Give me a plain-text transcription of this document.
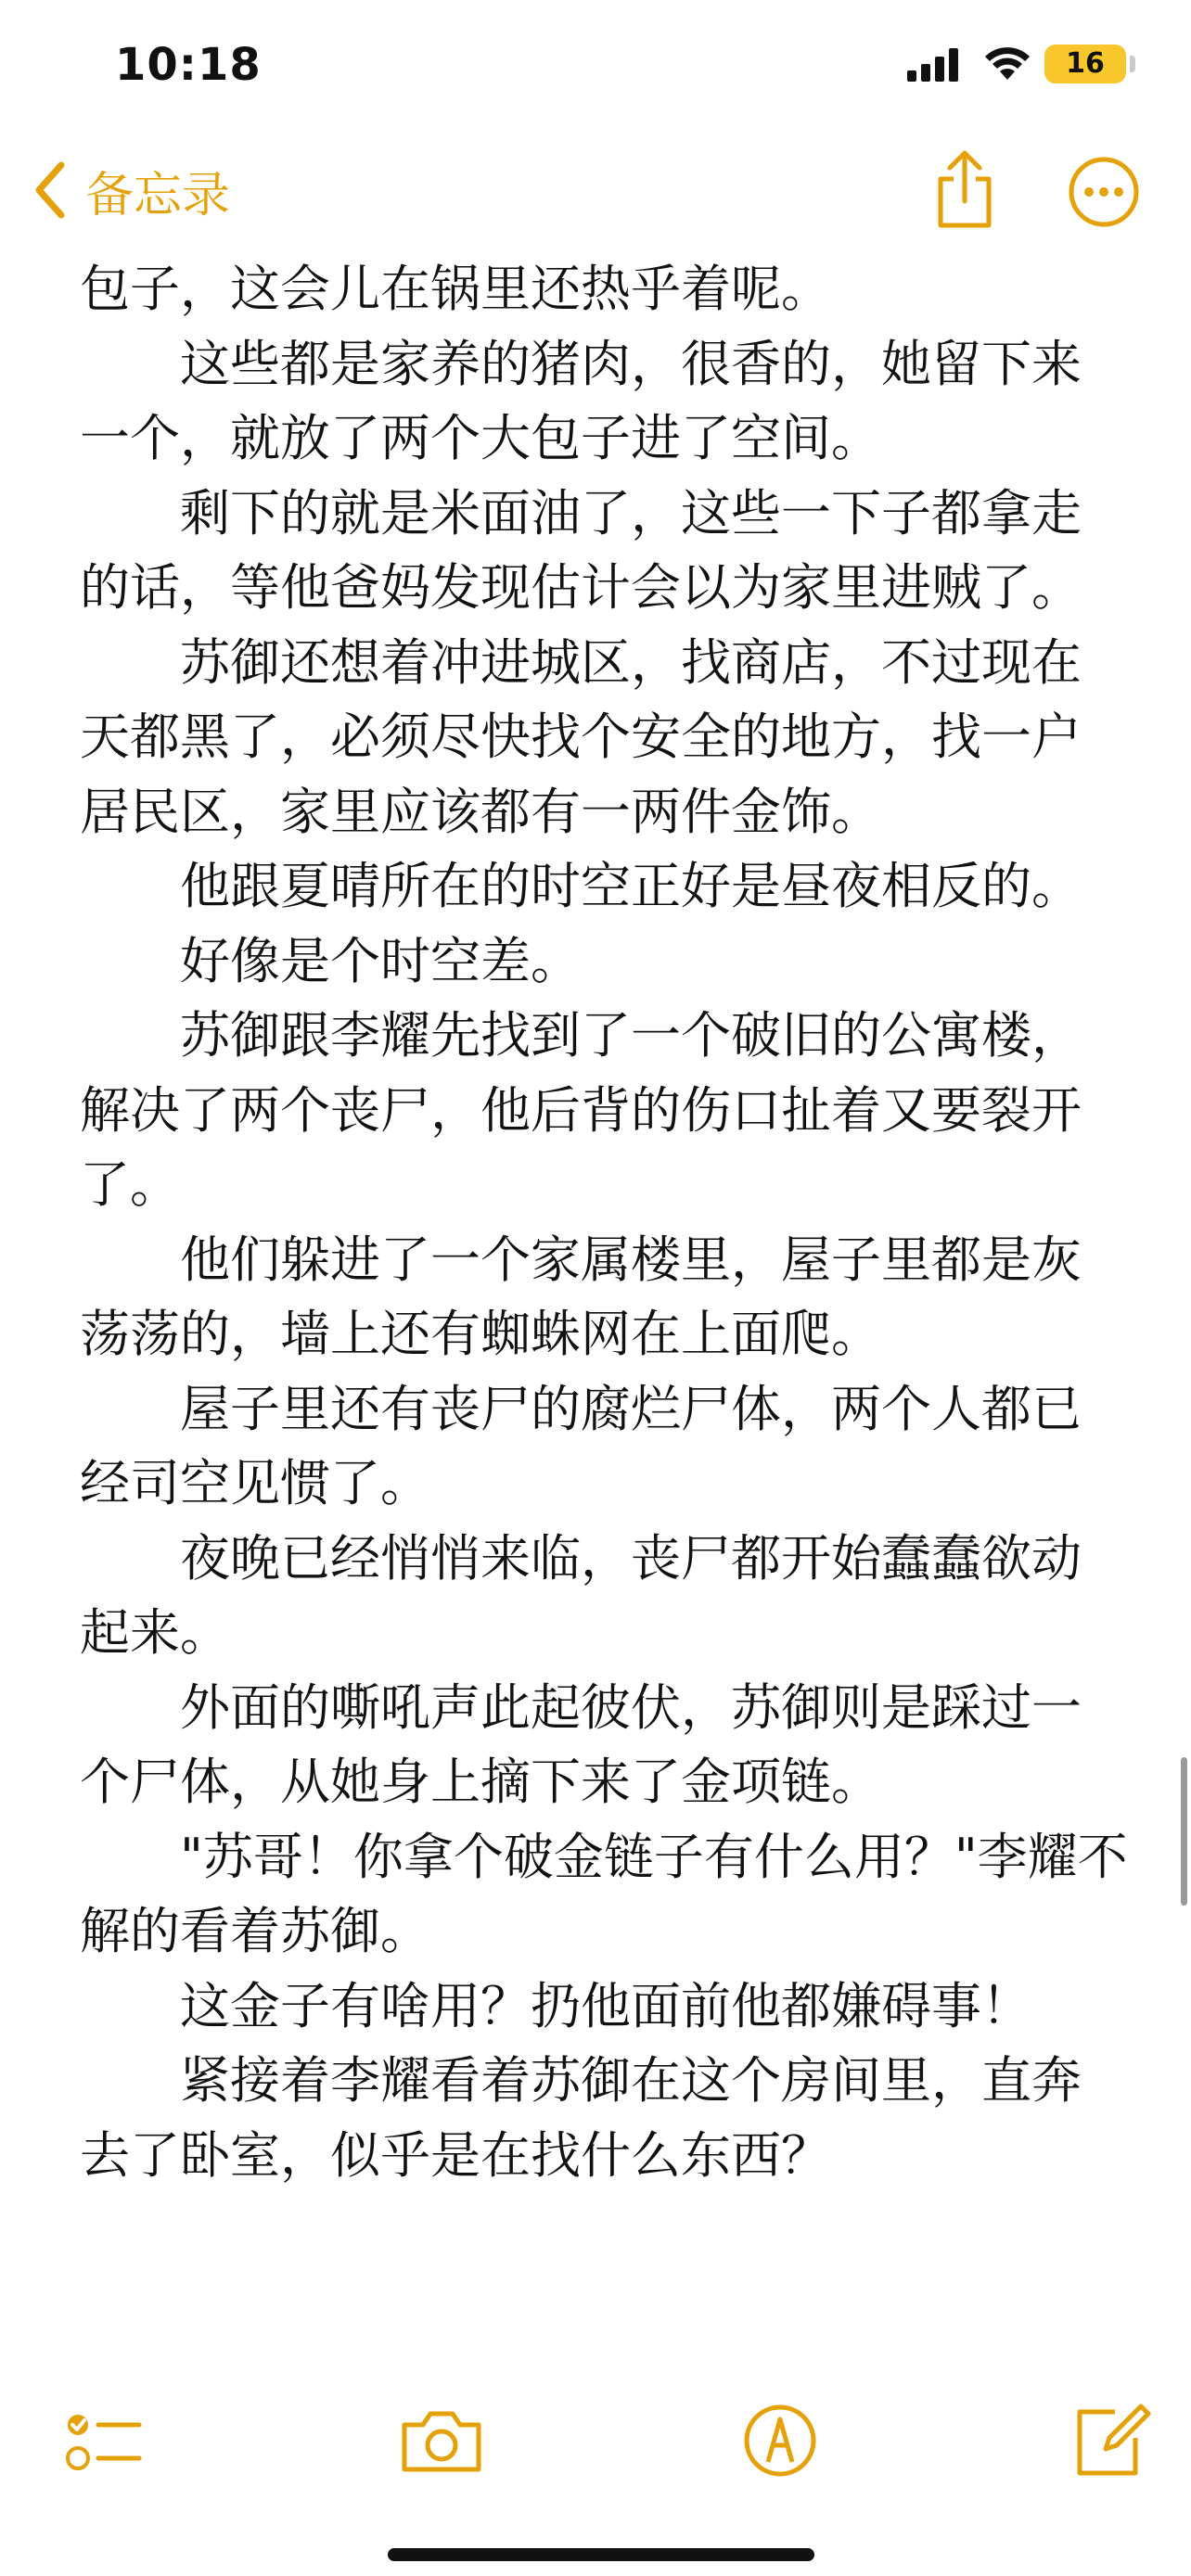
10:18	16
备忘录

包子，这会儿在锅里还热乎着呢。

这些都是家养的猪肉，很香的，她留下来一个，就放了两个大包子进了空间。

剩下的就是米面油了，这些一下子都拿走的话，等他爸妈发现估计会以为家里进贼了。

苏御还想着冲进城区，找商店，不过现在天都黑了，必须尽快找个安全的地方，找一户居民区，家里应该都有一两件金饰。

他跟夏晴所在的时空正好是昼夜相反的。

好像是个时空差。

苏御跟李耀先找到了一个破旧的公寓楼，解决了两个丧尸，他后背的伤口扯着又要裂开了。

他们躲进了一个家属楼里，屋子里都是灰荡荡的，墙上还有蜘蛛网在上面爬。

屋子里还有丧尸的腐烂尸体，两个人都已经司空见惯了。

夜晚已经悄悄来临，丧尸都开始蠢蠢欲动起来。

外面的嘶吼声此起彼伏，苏御则是踩过一个尸体，从她身上摘下来了金项链。

"苏哥！你拿个破金链子有什么用？"李耀不解的看着苏御。

这金子有啥用？扔他面前他都嫌碍事！

紧接着李耀看着苏御在这个房间里，直奔去了卧室，似乎是在找什么东西？
